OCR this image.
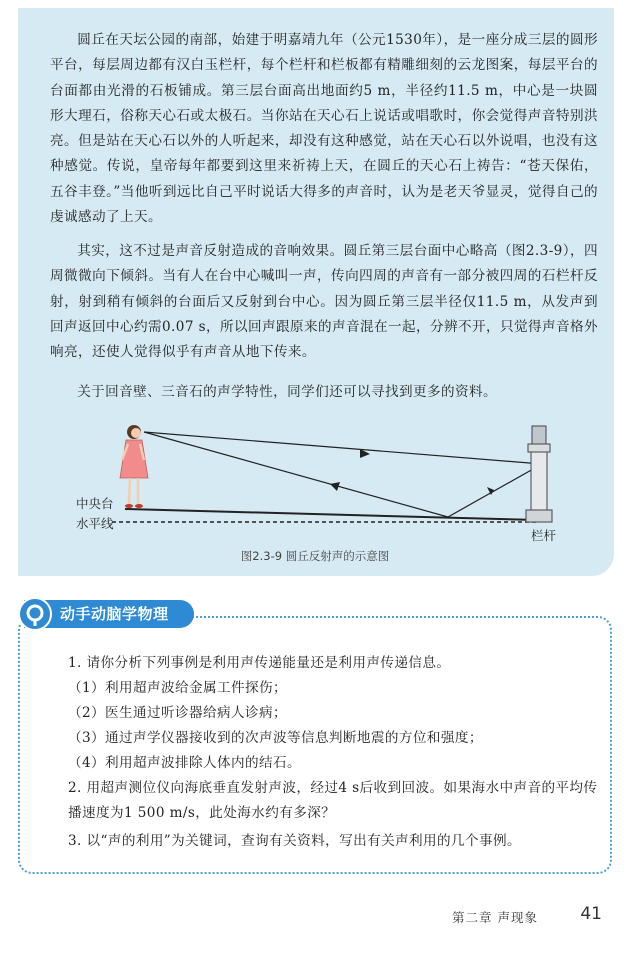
圆丘在天坛公园的南部，始建于明嘉靖九年（公元1530年），是一座分成三层的圆形平台，每层周边都有汉白玉栏杆，每个栏杆和栏板都有精雕细刻的云龙图案，每层平台的台面都由光滑的石板铺成。第三层台面高出地面约5 m，半径约11.5 m，中心是一块圆形大理石，俗称天心石或太极石。当你站在天心石上说话或唱歌时，你会觉得声音特别洪亮。但是站在天心石以外的人听起来，却没有这种感觉，站在天心石以外说唱，也没有这种感觉。传说，皇帝每年都要到这里来祈祷上天，在圆丘的天心石上祷告：“苍天保佑，五谷丰登。”当他听到远比自己平时说话大得多的声音时，认为是老天爷显灵，觉得自己的虔诚感动了上天。

其实，这不过是声音反射造成的音响效果。圆丘第三层台面中心略高（图2.3-9），四周微微向下倾斜。当有人在台中心喊叫一声，传向四周的声音有一部分被四周的石栏杆反射，射到稍有倾斜的台面后又反射到台中心。因为圆丘第三层半径仅11.5 m，从发声到回声返回中心约需0.07 s，所以回声跟原来的声音混在一起，分辨不开，只觉得声音格外响亮，还使人觉得似乎有声音从地下传来。

关于回音壁、三音石的声学特性，同学们还可以寻找到更多的资料。

中央台

水平线

栏杆

图2.3-9 圆丘反射声的示意图

动手动脑学物理

1. 请你分析下列事例是利用声传递能量还是利用声传递信息。

（1）利用超声波给金属工件探伤；

（2）医生通过听诊器给病人诊病；

（3）通过声学仪器接收到的次声波等信息判断地震的方位和强度；

（4）利用超声波排除人体内的结石。

2. 用超声测位仪向海底垂直发射声波，经过4 s后收到回波。如果海水中声音的平均传播速度为1 500 m/s，此处海水约有多深？

3. 以“声的利用”为关键词，查询有关资料，写出有关声利用的几个事例。

第二章 声现象 41
